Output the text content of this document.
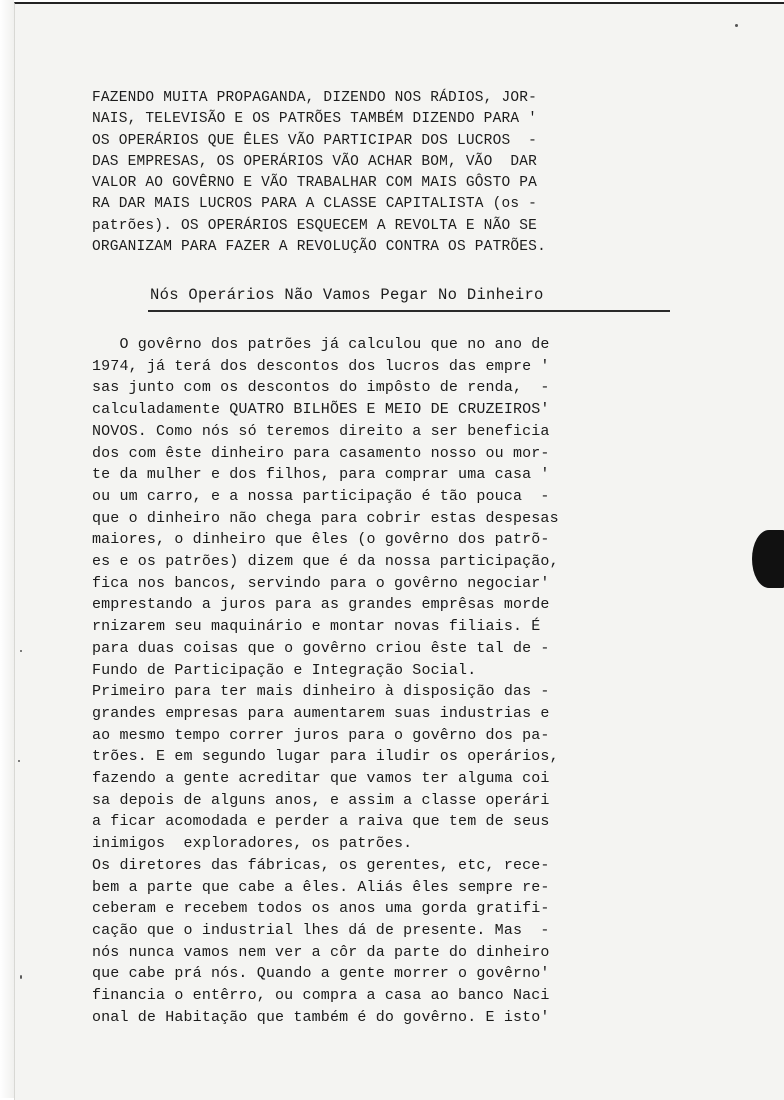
FAZENDO MUITA PROPAGANDA, DIZENDO NOS RÁDIOS, JOR-
NAIS, TELEVISÃO E OS PATRÕES TAMBÉM DIZENDO PARA '
OS OPERÁRIOS QUE ÊLES VÃO PARTICIPAR DOS LUCROS  -
DAS EMPRESAS, OS OPERÁRIOS VÃO ACHAR BOM, VÃO  DAR
VALOR AO GOVÊRNO E VÃO TRABALHAR COM MAIS GÔSTO PA
RA DAR MAIS LUCROS PARA A CLASSE CAPITALISTA (os -
patrões). OS OPERÁRIOS ESQUECEM A REVOLTA E NÃO SE
ORGANIZAM PARA FAZER A REVOLUÇÃO CONTRA OS PATRÕES.
Nós Operários Não Vamos Pegar No Dinheiro
O govêrno dos patrões já calculou que no ano de
1974, já terá dos descontos dos lucros das empre '
sas junto com os descontos do impôsto de renda,  -
calculadamente QUATRO BILHÕES E MEIO DE CRUZEIROS'
NOVOS. Como nós só teremos direito a ser beneficia
dos com êste dinheiro para casamento nosso ou mor-
te da mulher e dos filhos, para comprar uma casa '
ou um carro, e a nossa participação é tão pouca  -
que o dinheiro não chega para cobrir estas despesas
maiores, o dinheiro que êles (o govêrno dos patrõ-
es e os patrões) dizem que é da nossa participação,
fica nos bancos, servindo para o govêrno negociar'
emprestando a juros para as grandes emprêsas morde
rnizarem seu maquinário e montar novas filiais. É
para duas coisas que o govêrno criou êste tal de -
Fundo de Participação e Integração Social.
Primeiro para ter mais dinheiro à disposição das -
grandes empresas para aumentarem suas industrias e
ao mesmo tempo correr juros para o govêrno dos pa-
trões. E em segundo lugar para iludir os operários,
fazendo a gente acreditar que vamos ter alguma coi
sa depois de alguns anos, e assim a classe operári
a ficar acomodada e perder a raiva que tem de seus
inimigos  exploradores, os patrões.
Os diretores das fábricas, os gerentes, etc, rece-
bem a parte que cabe a êles. Aliás êles sempre re-
ceberam e recebem todos os anos uma gorda gratifi-
cação que o industrial lhes dá de presente. Mas  -
nós nunca vamos nem ver a côr da parte do dinheiro
que cabe prá nós. Quando a gente morrer o govêrno'
financia o entêrro, ou compra a casa ao banco Naci
onal de Habitação que também é do govêrno. E isto'
